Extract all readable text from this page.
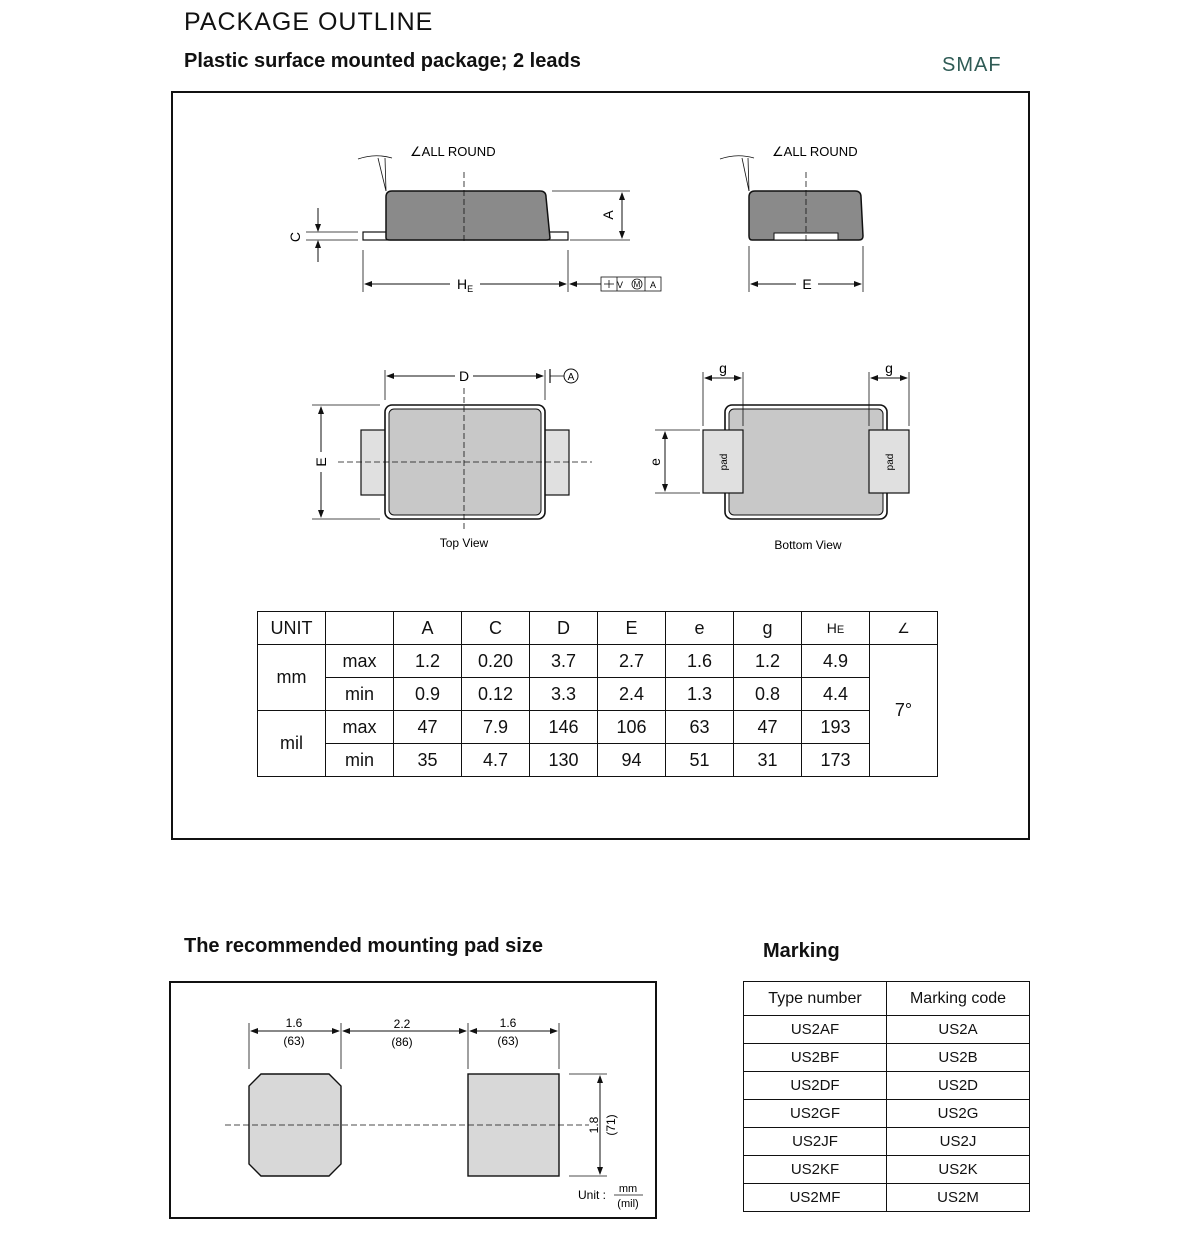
PACKAGE OUTLINE
Plastic surface mounted package; 2 leads	SMAF
∠ALL ROUND	∠ALL ROUND
C
A
$H_E$	V M A	E
D	A
E
g	g
e	pad	pad
Top View	Bottom View
UNIT		A	C	D	E	e	g	HE	∠
mm	max	1.2	0.20	3.7	2.7	1.6	1.2	4.9	7°
	min	0.9	0.12	3.3	2.4	1.3	0.8	4.4	
mil	max	47	7.9	146	106	63	47	193	
	min	35	4.7	130	94	51	31	173	
The recommended mounting pad size
1.6
(63)
2.2
(86)
1.6
(63)
1.8 (71)
Unit : mm
(mil)
Marking
Type number	Marking code
US2AF	US2A
US2BF	US2B
US2DF	US2D
US2GF	US2G
US2JF	US2J
US2KF	US2K
US2MF	US2M
